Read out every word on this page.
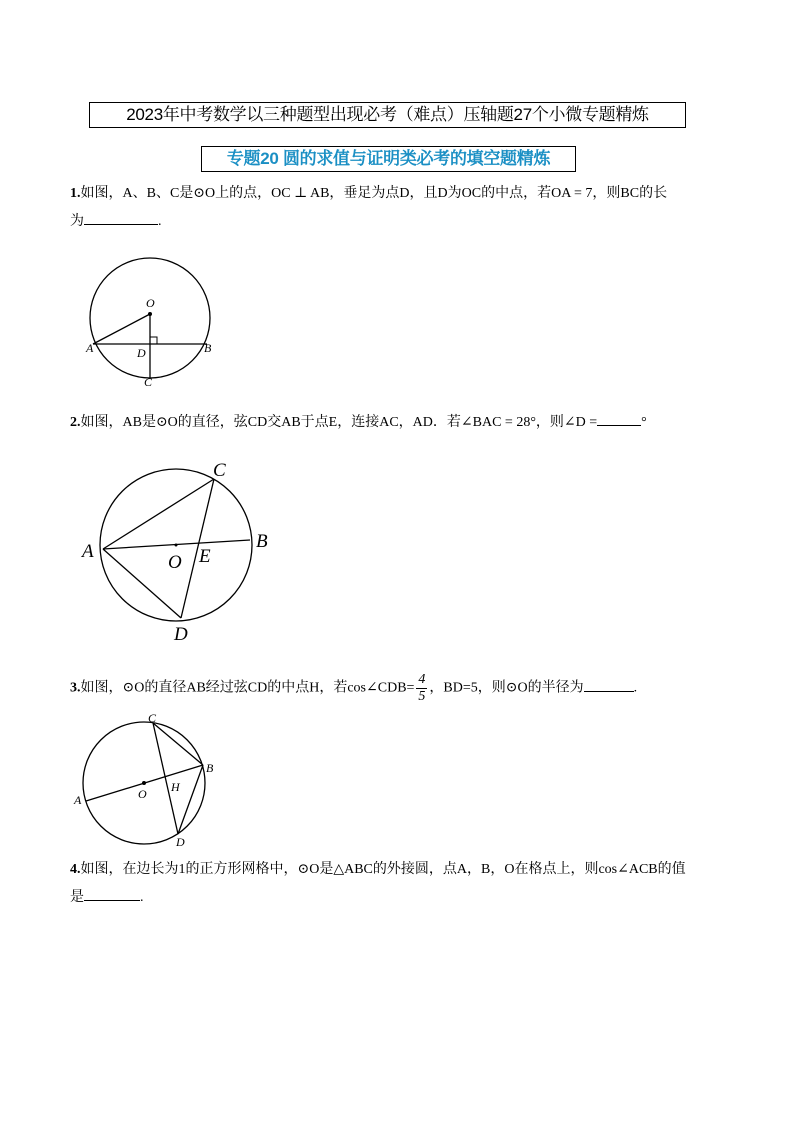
2023年中考数学以三种题型出现必考（难点）压轴题27个小微专题精炼
专题20 圆的求值与证明类必考的填空题精炼
1.如图，A、B、C是⊙O上的点，OC ⊥ AB，垂足为点D，且D为OC的中点，若OA = 7，则BC的长
为	.
O
A	B
D
C
2.如图，AB是⊙O的直径，弦CD交AB于点E，连接AC，AD．若∠BAC = 28°，则∠D =	°
A	B
C
D
E
O
3.如图，⊙O的直径AB经过弦CD的中点H，若cos∠CDB= $\frac{4}{5}$ ，BD=5，则⊙O的半径为	.
A
B
C
D
H
O
4.如图，在边长为1的正方形网格中，⊙O是△ABC的外接圆，点A，B，O在格点上，则cos∠ACB的值
是	.
